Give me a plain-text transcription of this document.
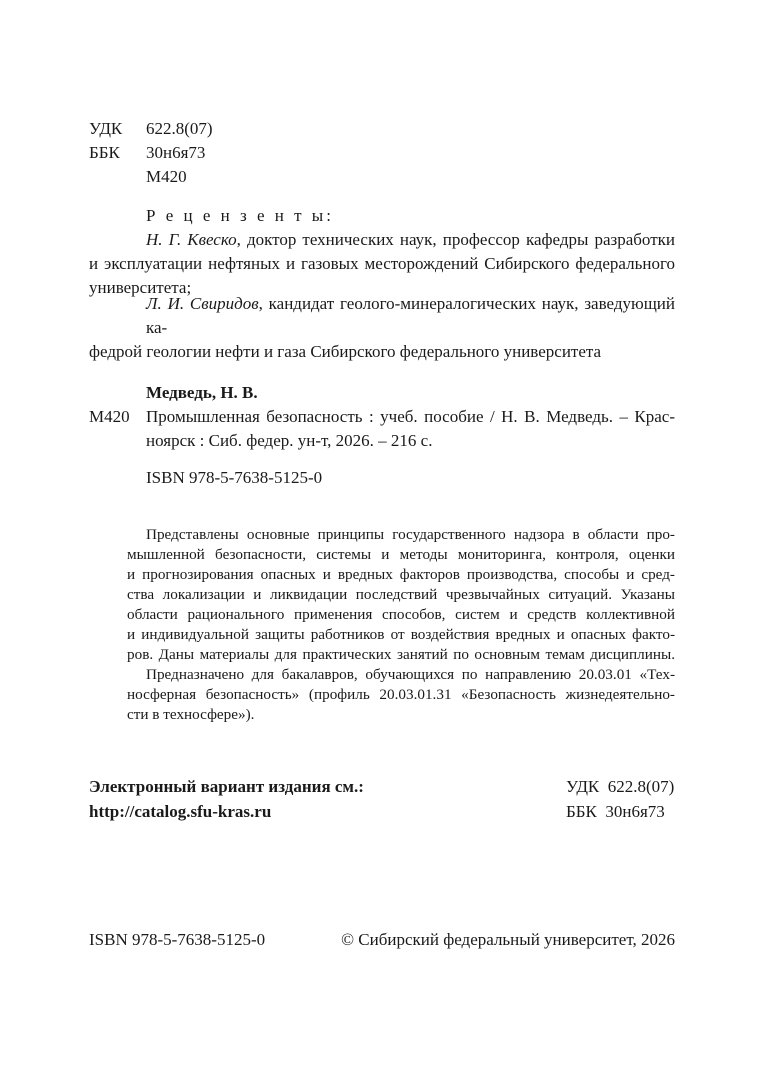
УДК 622.8(07)
ББК 30н6я73
М420
Р е ц е н з е н т ы:
Н. Г. Квеско, доктор технических наук, профессор кафедры разработки
и эксплуатации нефтяных и газовых месторождений Сибирского федерального
университета;
Л. И. Свиридов, кандидат геолого-минералогических наук, заведующий ка-
федрой геологии нефти и газа Сибирского федерального университета
Медведь, Н. В.
М420 Промышленная безопасность : учеб. пособие / Н. В. Медведь. – Крас-
ноярск : Сиб. федер. ун-т, 2026. – 216 с.
ISBN 978-5-7638-5125-0
Представлены основные принципы государственного надзора в области про-
мышленной безопасности, системы и методы мониторинга, контроля, оценки
и прогнозирования опасных и вредных факторов производства, способы и сред-
ства локализации и ликвидации последствий чрезвычайных ситуаций. Указаны
области рационального применения способов, систем и средств коллективной
и индивидуальной защиты работников от воздействия вредных и опасных факто-
ров. Даны материалы для практических занятий по основным темам дисциплины.
Предназначено для бакалавров, обучающихся по направлению 20.03.01 «Тех-
носферная безопасность» (профиль 20.03.01.31 «Безопасность жизнедеятельно-
сти в техносфере»).
Электронный вариант издания см.:
http://catalog.sfu-kras.ru
УДК  622.8(07)
ББК  30н6я73
ISBN 978-5-7638-5125-0	© Сибирский федеральный университет, 2026
